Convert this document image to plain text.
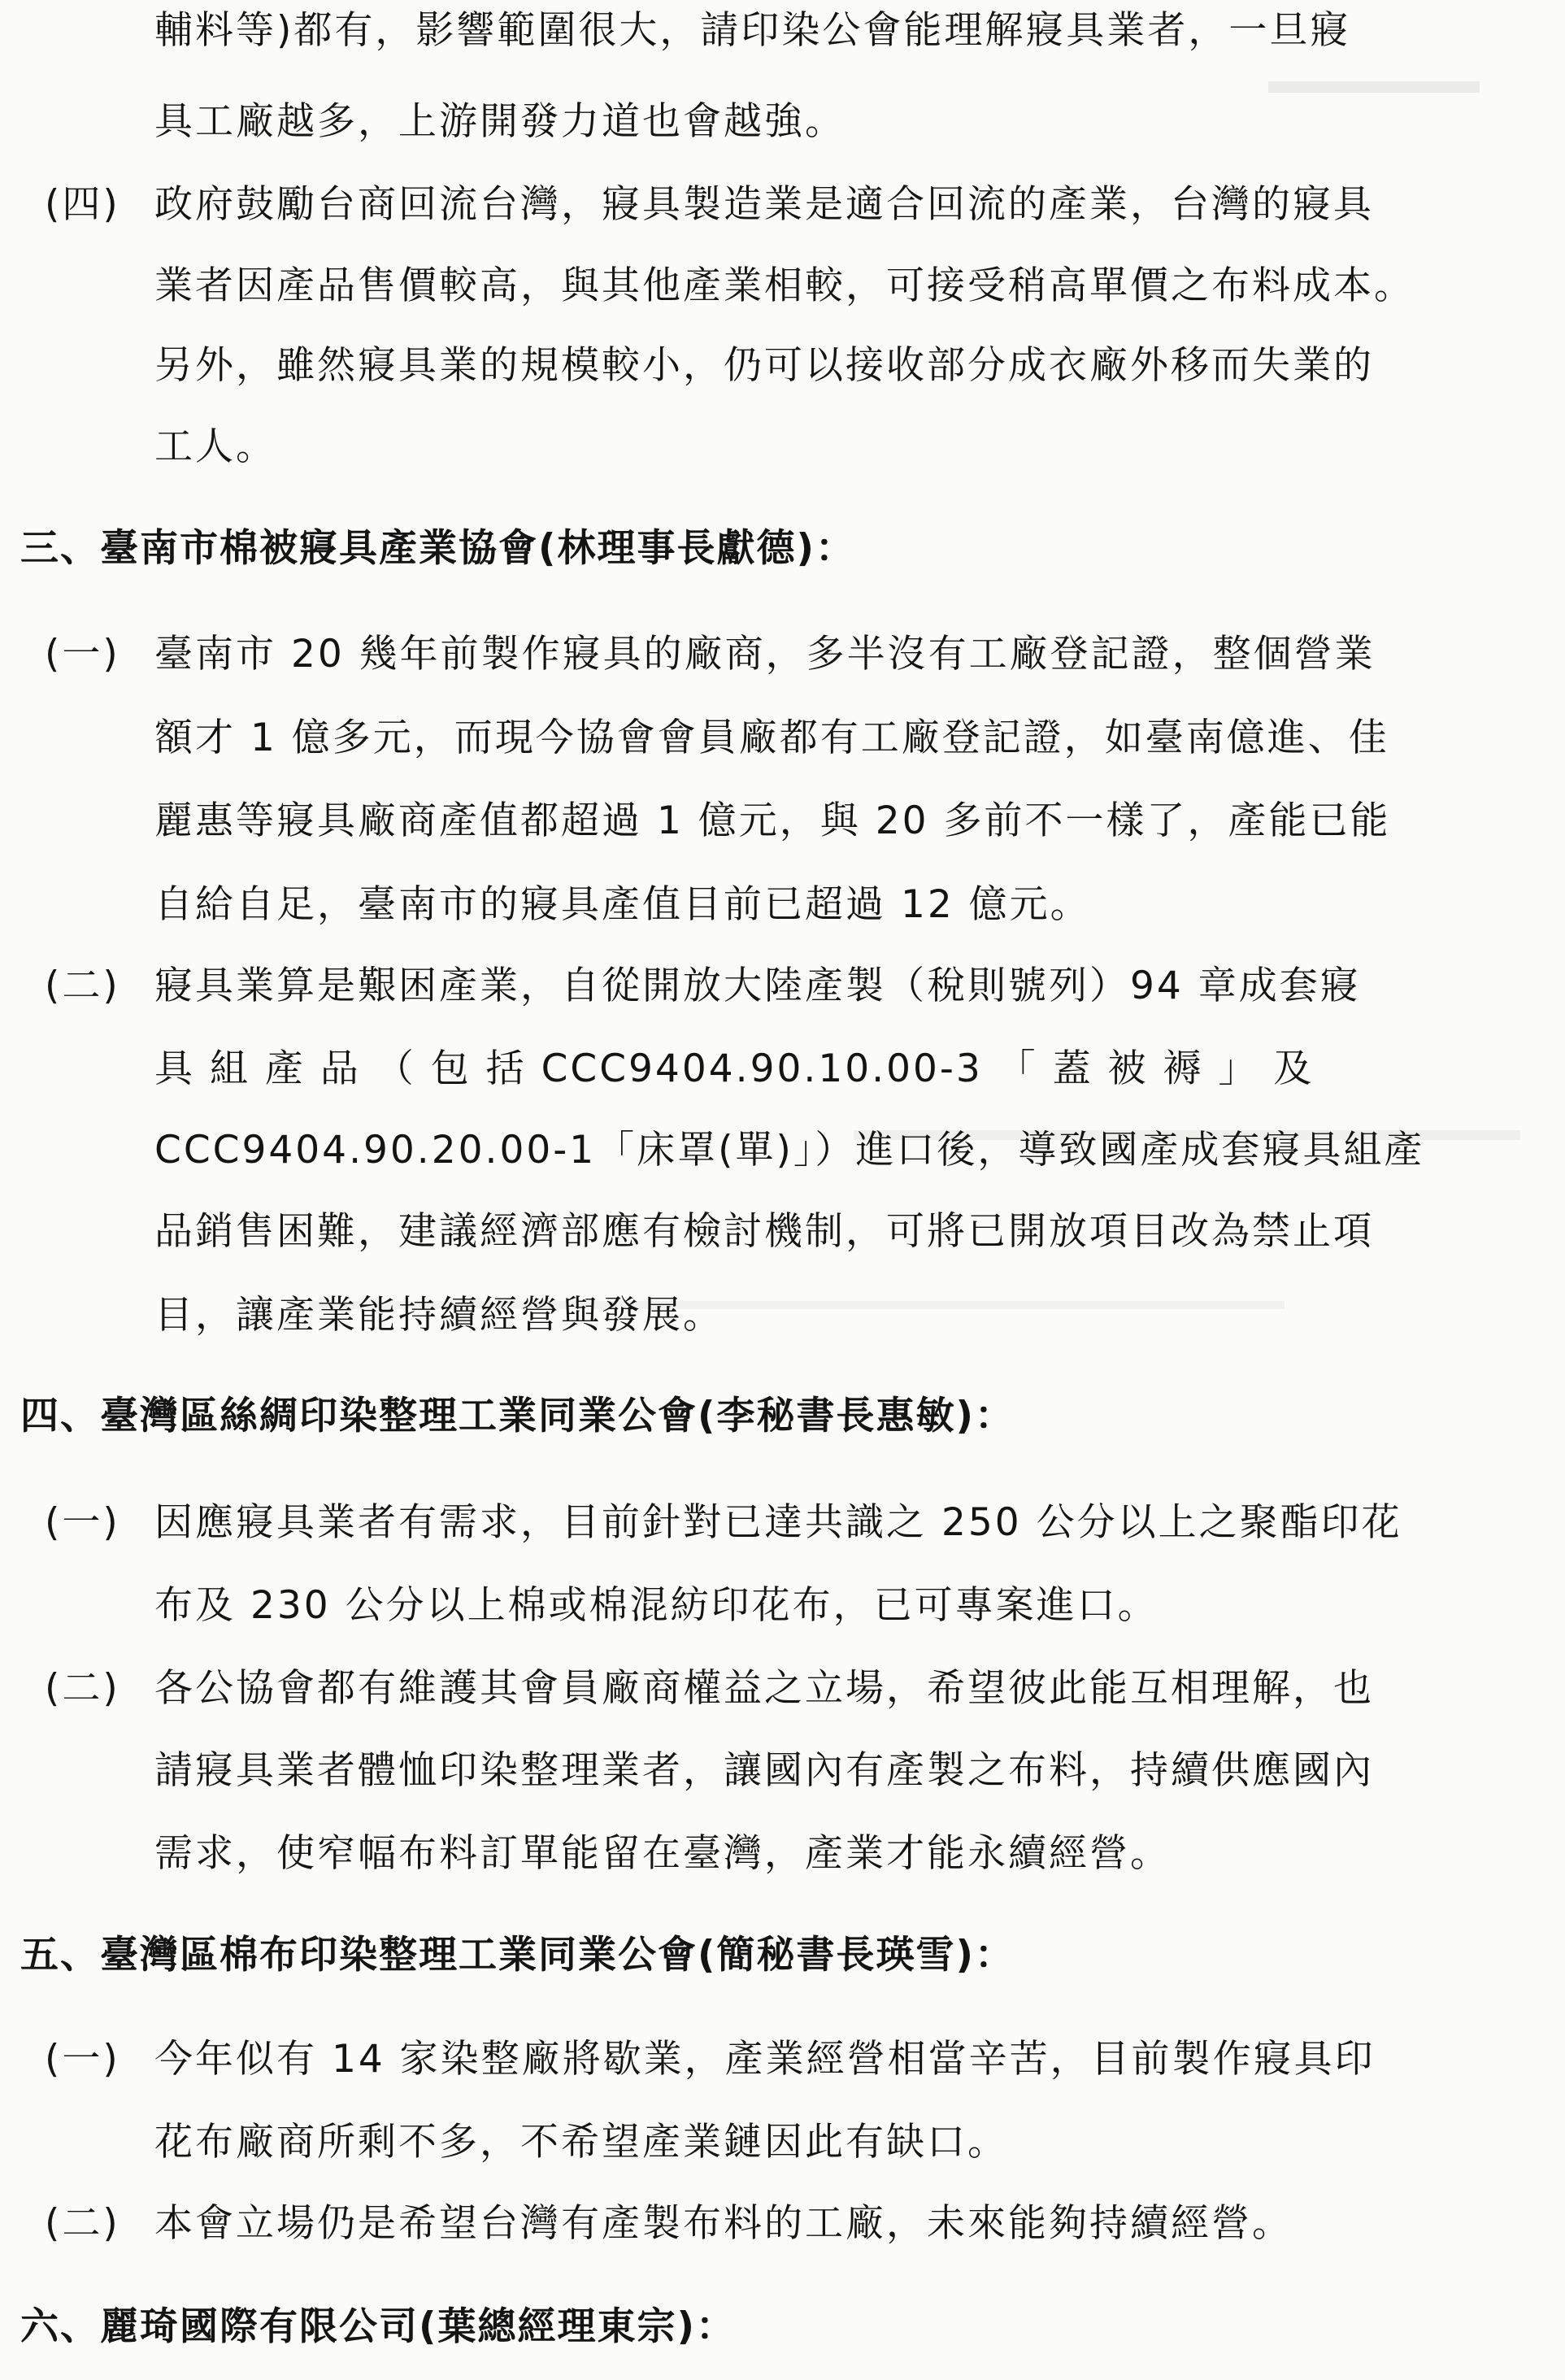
輔料等)都有，影響範圍很大，請印染公會能理解寢具業者，一旦寢
具工廠越多，上游開發力道也會越強。
(四) 政府鼓勵台商回流台灣，寢具製造業是適合回流的產業，台灣的寢具
業者因產品售價較高，與其他產業相較，可接受稍高單價之布料成本。
另外，雖然寢具業的規模較小，仍可以接收部分成衣廠外移而失業的
工人。
三、臺南市棉被寢具產業協會(林理事長獻德)：
(一) 臺南市 20 幾年前製作寢具的廠商，多半沒有工廠登記證，整個營業
額才 1 億多元，而現今協會會員廠都有工廠登記證，如臺南億進、佳
麗惠等寢具廠商產值都超過 1 億元，與 20 多前不一樣了，產能已能
自給自足，臺南市的寢具產值目前已超過 12 億元。
(二) 寢具業算是艱困產業，自從開放大陸產製（稅則號列）94 章成套寢
具 組 產 品 （ 包 括 CCC9404.90.10.00-3 「 蓋 被 褥 」 及
CCC9404.90.20.00-1「床罩(單)」）進口後，導致國產成套寢具組產
品銷售困難，建議經濟部應有檢討機制，可將已開放項目改為禁止項
目，讓產業能持續經營與發展。
四、臺灣區絲綢印染整理工業同業公會(李秘書長惠敏)：
(一) 因應寢具業者有需求，目前針對已達共識之 250 公分以上之聚酯印花
布及 230 公分以上棉或棉混紡印花布，已可專案進口。
(二) 各公協會都有維護其會員廠商權益之立場，希望彼此能互相理解，也
請寢具業者體恤印染整理業者，讓國內有產製之布料，持續供應國內
需求，使窄幅布料訂單能留在臺灣，產業才能永續經營。
五、臺灣區棉布印染整理工業同業公會(簡秘書長瑛雪)：
(一) 今年似有 14 家染整廠將歇業，產業經營相當辛苦，目前製作寢具印
花布廠商所剩不多，不希望產業鏈因此有缺口。
(二) 本會立場仍是希望台灣有產製布料的工廠，未來能夠持續經營。
六、麗琦國際有限公司(葉總經理東宗)：
